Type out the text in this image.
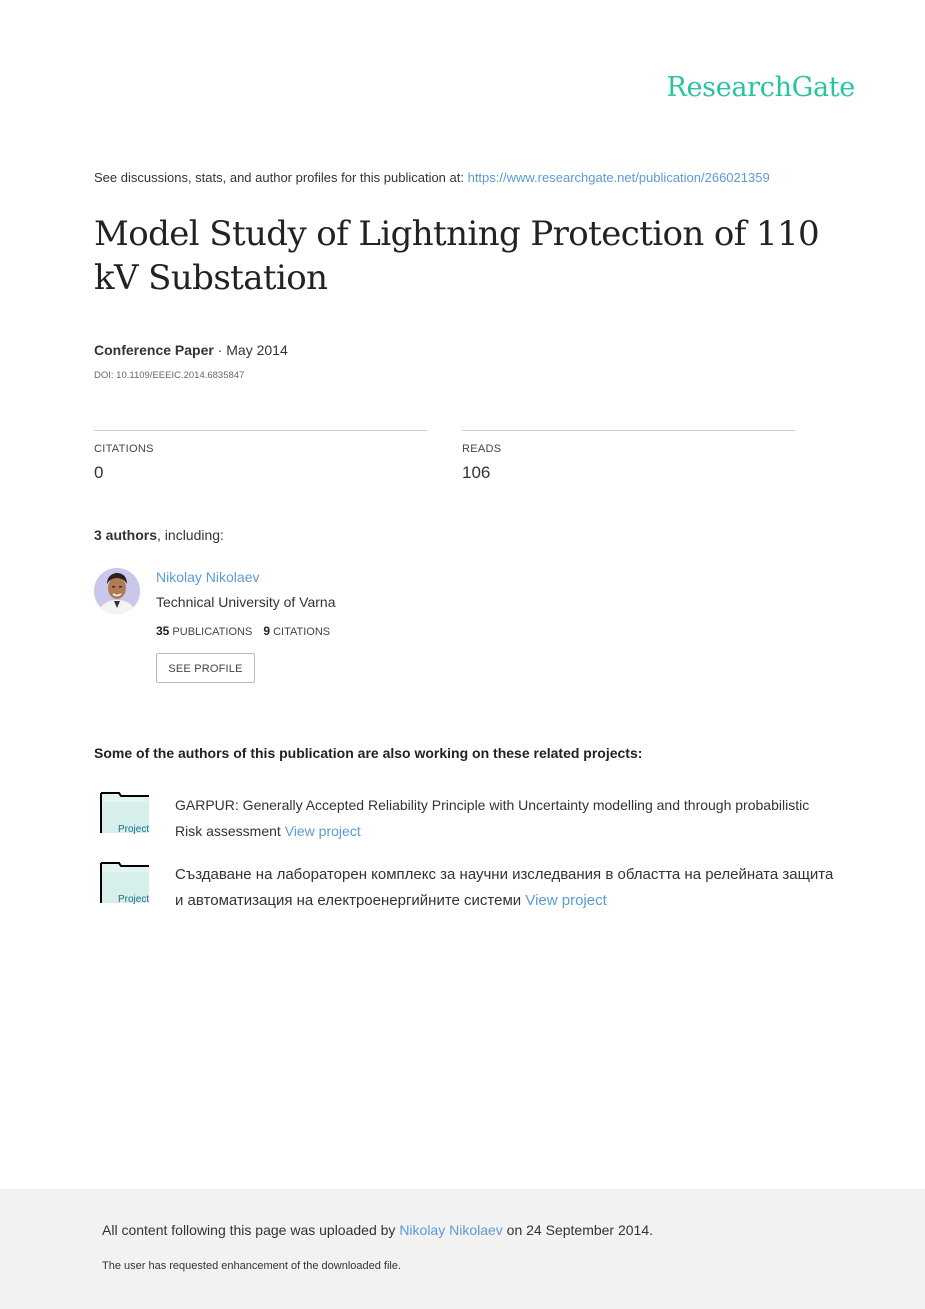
ResearchGate
See discussions, stats, and author profiles for this publication at: https://www.researchgate.net/publication/266021359
Model Study of Lightning Protection of 110 kV Substation
Conference Paper · May 2014
DOI: 10.1109/EEEIC.2014.6835847
CITATIONS
0
READS
106
3 authors, including:
Nikolay Nikolaev
Technical University of Varna
35 PUBLICATIONS 9 CITATIONS
SEE PROFILE
Some of the authors of this publication are also working on these related projects:
Project
GARPUR: Generally Accepted Reliability Principle with Uncertainty modelling and through probabilistic Risk assessment View project
Project
Създаване на лабораторен комплекс за научни изследвания в областта на релейната защита и автоматизация на електроенергийните системи View project
All content following this page was uploaded by Nikolay Nikolaev on 24 September 2014.
The user has requested enhancement of the downloaded file.
